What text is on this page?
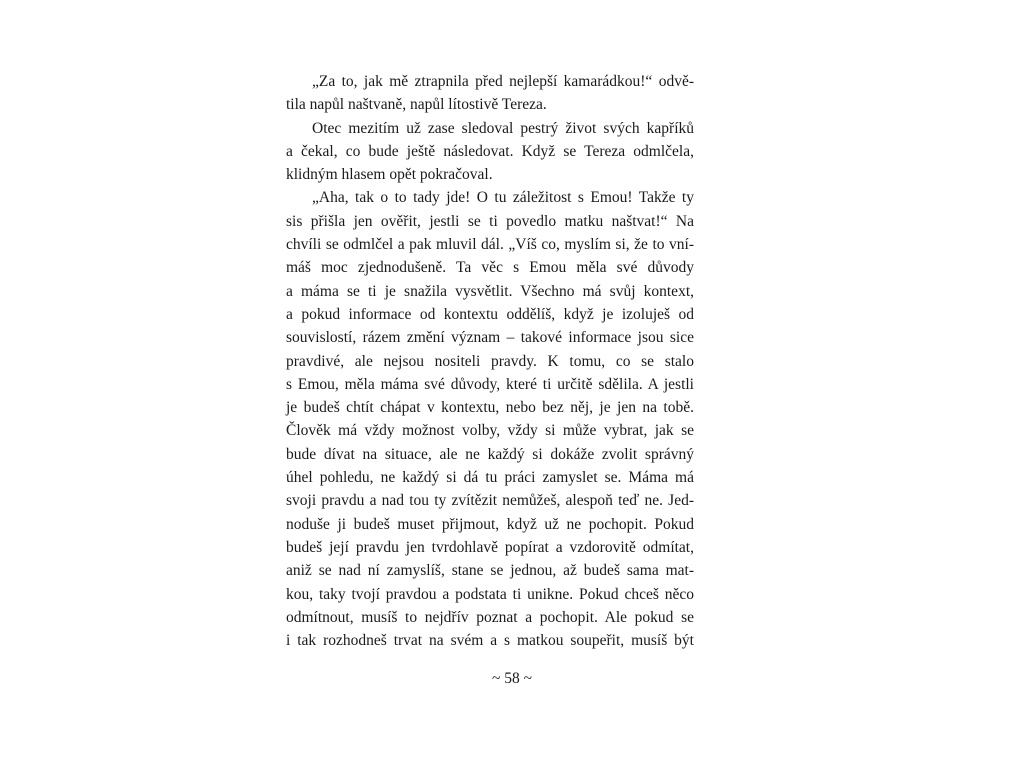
„Za to, jak mě ztrapnila před nejlepší kamarádkou!“ odvě-
tila napůl naštvaně, napůl lítostivě Tereza.
Otec mezitím už zase sledoval pestrý život svých kapříků
a čekal, co bude ještě následovat. Když se Tereza odmlčela,
klidným hlasem opět pokračoval.
„Aha, tak o to tady jde! O tu záležitost s Emou! Takže ty
sis přišla jen ověřit, jestli se ti povedlo matku naštvat!“ Na
chvíli se odmlčel a pak mluvil dál. „Víš co, myslím si, že to vní-
máš moc zjednodušeně. Ta věc s Emou měla své důvody
a máma se ti je snažila vysvětlit. Všechno má svůj kontext,
a pokud informace od kontextu oddělíš, když je izoluješ od
souvislostí, rázem změní význam – takové informace jsou sice
pravdivé, ale nejsou nositeli pravdy. K tomu, co se stalo
s Emou, měla máma své důvody, které ti určitě sdělila. A jestli
je budeš chtít chápat v kontextu, nebo bez něj, je jen na tobě.
Člověk má vždy možnost volby, vždy si může vybrat, jak se
bude dívat na situace, ale ne každý si dokáže zvolit správný
úhel pohledu, ne každý si dá tu práci zamyslet se. Máma má
svoji pravdu a nad tou ty zvítězit nemůžeš, alespoň teď ne. Jed-
noduše ji budeš muset přijmout, když už ne pochopit. Pokud
budeš její pravdu jen tvrdohlavě popírat a vzdorovitě odmítat,
aniž se nad ní zamyslíš, stane se jednou, až budeš sama mat-
kou, taky tvojí pravdou a podstata ti unikne. Pokud chceš něco
odmítnout, musíš to nejdřív poznat a pochopit. Ale pokud se
i tak rozhodneš trvat na svém a s matkou soupeřit, musíš být
~ 58 ~
